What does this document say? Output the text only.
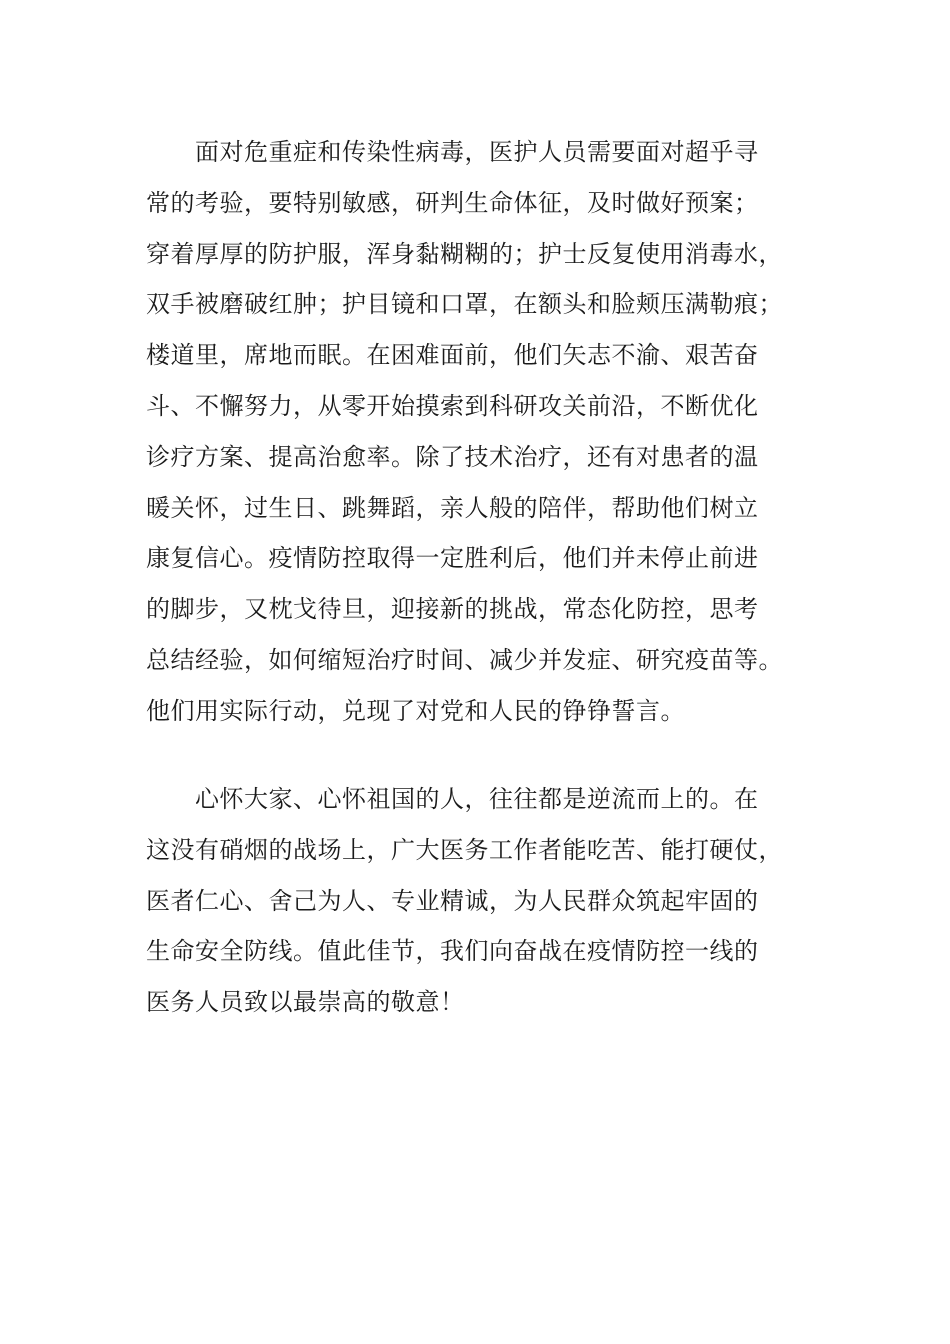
面对危重症和传染性病毒，医护人员需要面对超乎寻
常的考验，要特别敏感，研判生命体征，及时做好预案；
穿着厚厚的防护服，浑身黏糊糊的；护士反复使用消毒水，
双手被磨破红肿；护目镜和口罩，在额头和脸颊压满勒痕；
楼道里，席地而眠。在困难面前，他们矢志不渝、艰苦奋
斗、不懈努力，从零开始摸索到科研攻关前沿，不断优化
诊疗方案、提高治愈率。除了技术治疗，还有对患者的温
暖关怀，过生日、跳舞蹈，亲人般的陪伴，帮助他们树立
康复信心。疫情防控取得一定胜利后，他们并未停止前进
的脚步，又枕戈待旦，迎接新的挑战，常态化防控，思考
总结经验，如何缩短治疗时间、减少并发症、研究疫苗等。
他们用实际行动，兑现了对党和人民的铮铮誓言。
心怀大家、心怀祖国的人，往往都是逆流而上的。在
这没有硝烟的战场上，广大医务工作者能吃苦、能打硬仗，
医者仁心、舍己为人、专业精诚，为人民群众筑起牢固的
生命安全防线。值此佳节，我们向奋战在疫情防控一线的
医务人员致以最崇高的敬意！
